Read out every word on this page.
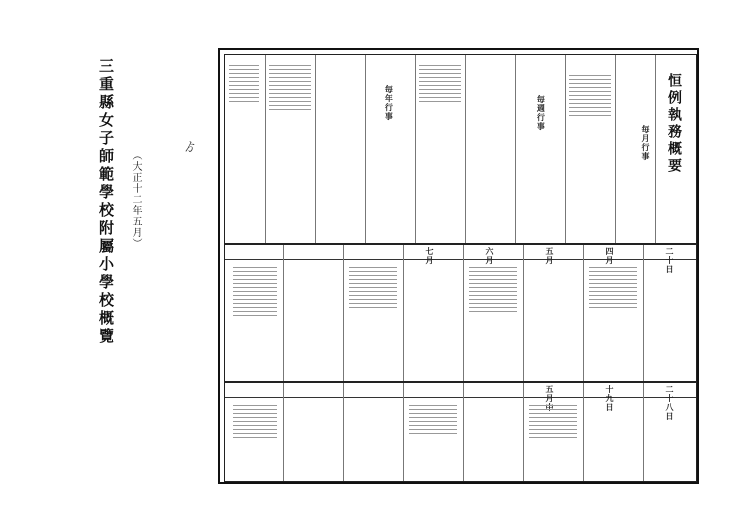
三重縣女子師範學校附屬小學校概覽 （大正十二年五月）
ゟ	恒例執務概要
毎月行事
毎週行事
毎年行事
二十日
四月
五月
六月
七月
二十八日
十九日
五月中
